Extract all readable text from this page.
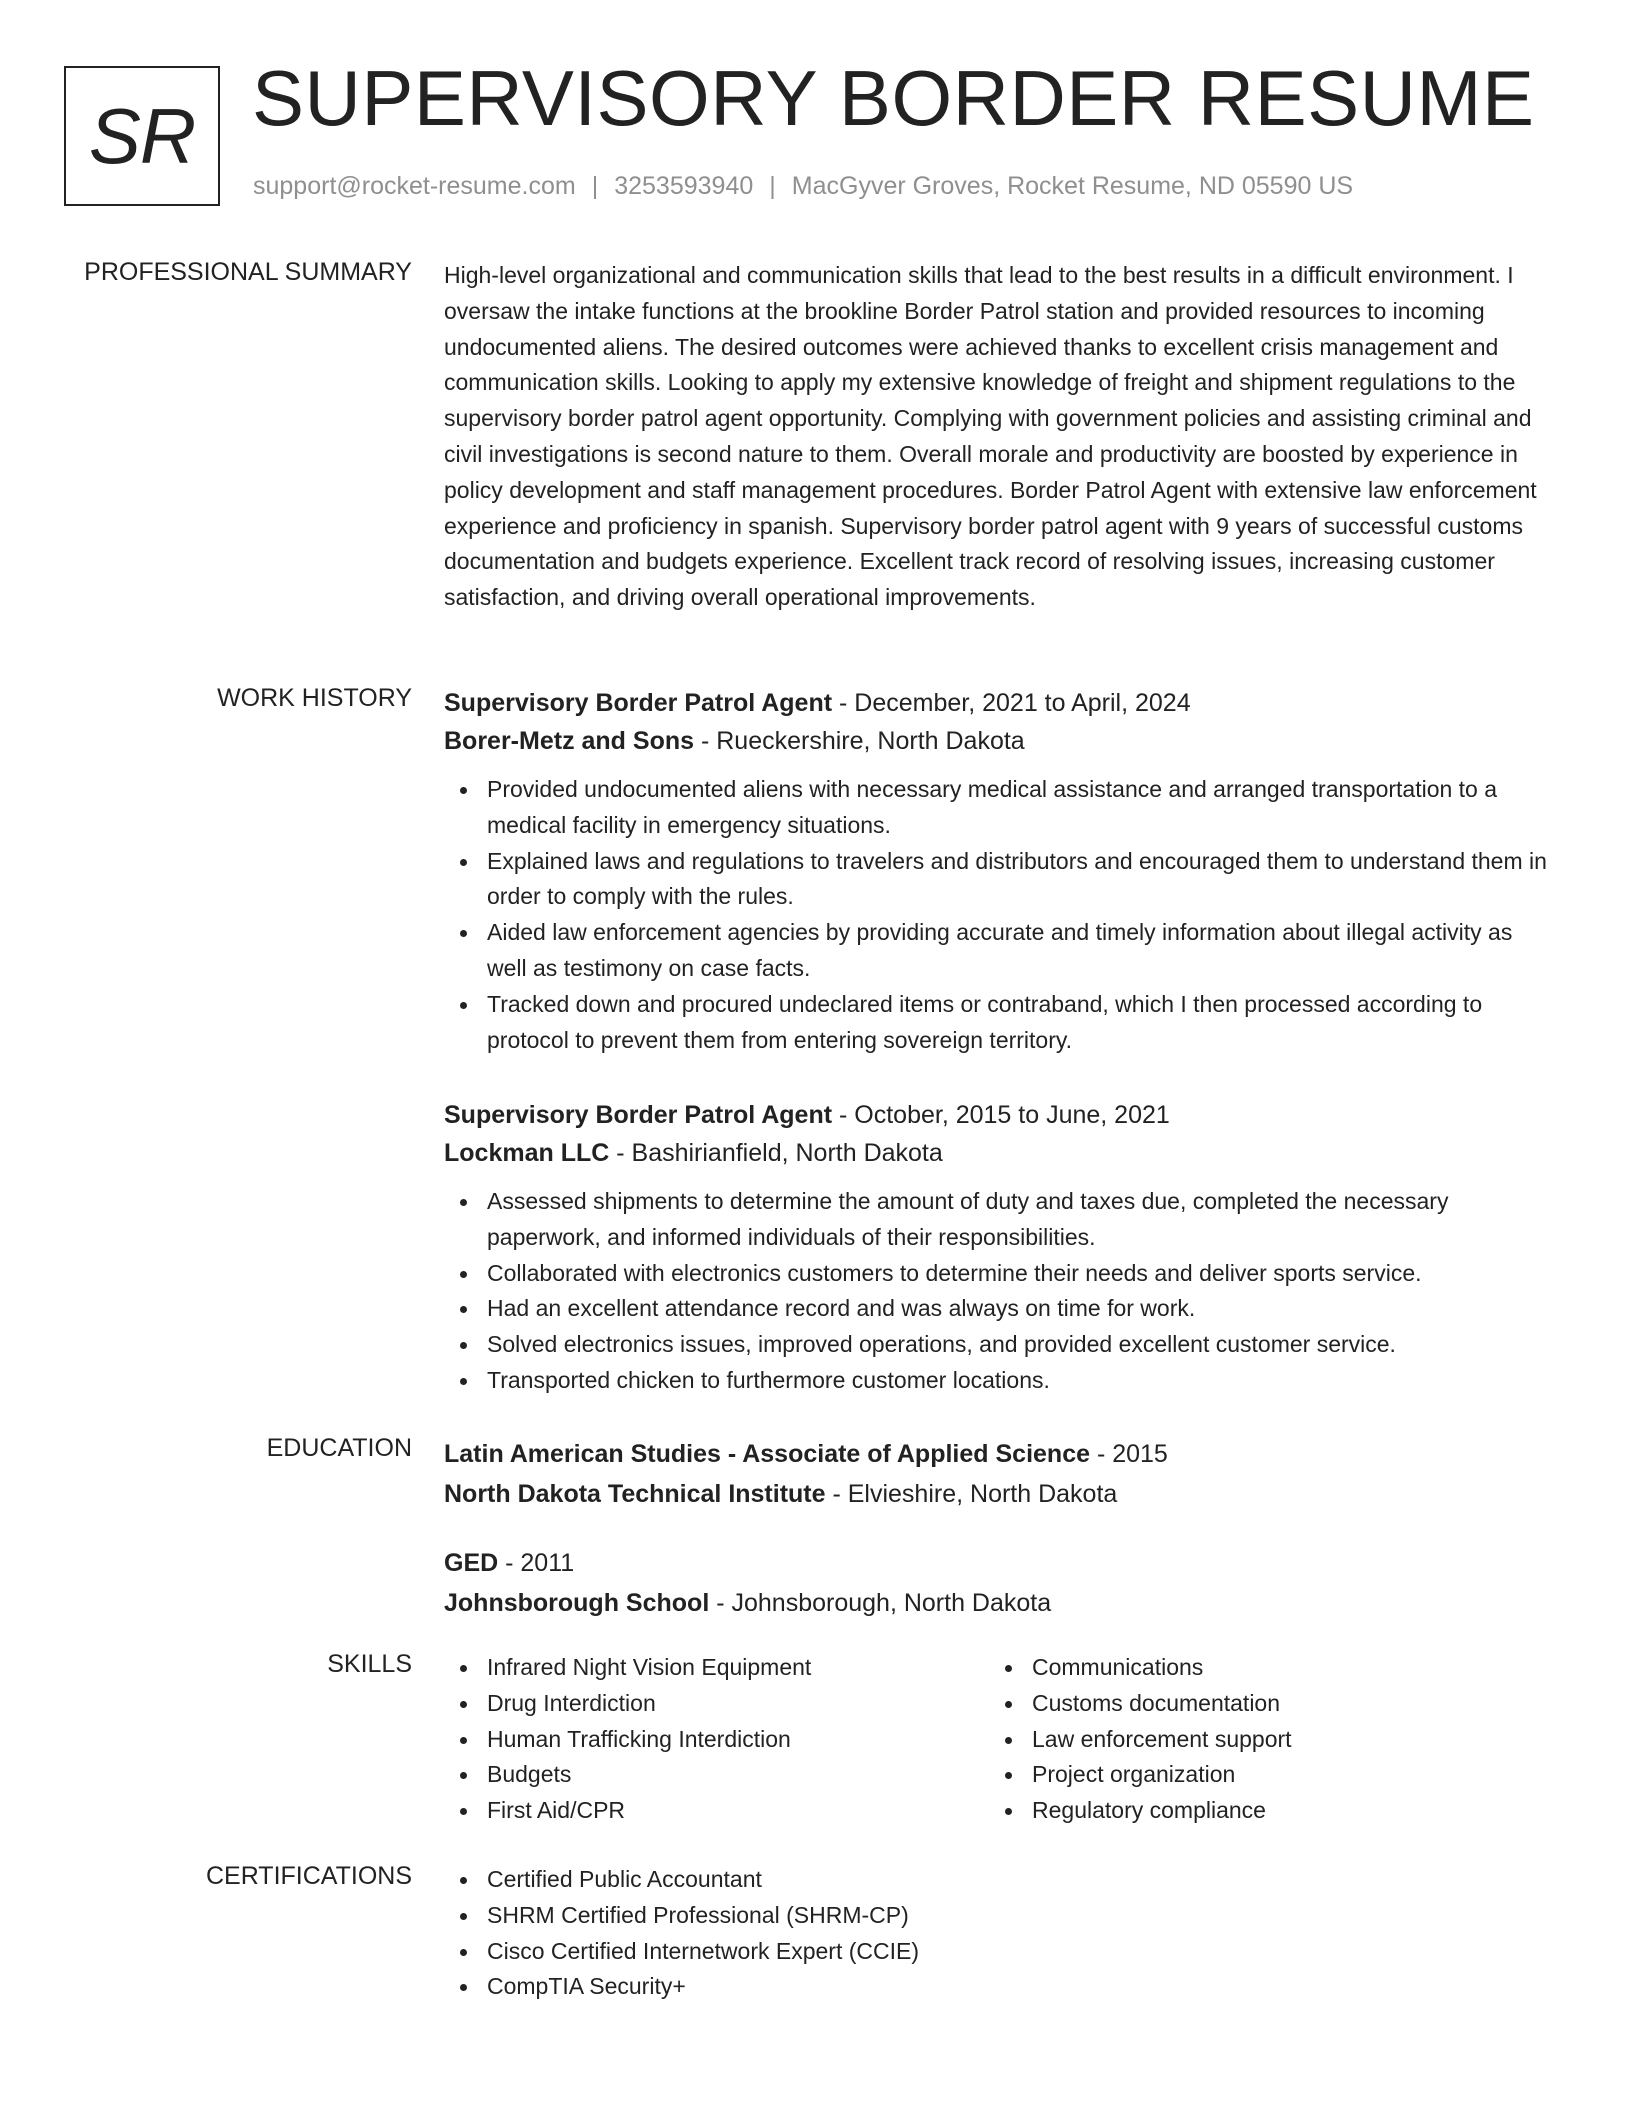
SR SUPERVISORY BORDER RESUME
support@rocket-resume.com | 3253593940 | MacGyver Groves, Rocket Resume, ND 05590 US
PROFESSIONAL SUMMARY High-level organizational and communication skills that lead to the best results in a difficult environment. I oversaw the intake functions at the brookline Border Patrol station and provided resources to incoming undocumented aliens. The desired outcomes were achieved thanks to excellent crisis management and communication skills. Looking to apply my extensive knowledge of freight and shipment regulations to the supervisory border patrol agent opportunity. Complying with government policies and assisting criminal and civil investigations is second nature to them. Overall morale and productivity are boosted by experience in policy development and staff management procedures. Border Patrol Agent with extensive law enforcement experience and proficiency in spanish. Supervisory border patrol agent with 9 years of successful customs documentation and budgets experience. Excellent track record of resolving issues, increasing customer satisfaction, and driving overall operational improvements.

WORK HISTORY Supervisory Border Patrol Agent - December, 2021 to April, 2024
Borer-Metz and Sons - Rueckershire, North Dakota
Provided undocumented aliens with necessary medical assistance and arranged transportation to a medical facility in emergency situations.
Explained laws and regulations to travelers and distributors and encouraged them to understand them in order to comply with the rules.
Aided law enforcement agencies by providing accurate and timely information about illegal activity as well as testimony on case facts.
Tracked down and procured undeclared items or contraband, which I then processed according to protocol to prevent them from entering sovereign territory.
Supervisory Border Patrol Agent - October, 2015 to June, 2021
Lockman LLC - Bashirianfield, North Dakota
Assessed shipments to determine the amount of duty and taxes due, completed the necessary paperwork, and informed individuals of their responsibilities.
Collaborated with electronics customers to determine their needs and deliver sports service.
Had an excellent attendance record and was always on time for work.
Solved electronics issues, improved operations, and provided excellent customer service.
Transported chicken to furthermore customer locations.
EDUCATION Latin American Studies - Associate of Applied Science - 2015
North Dakota Technical Institute - Elvieshire, North Dakota
GED - 2011
Johnsborough School - Johnsborough, North Dakota
SKILLS	Infrared Night Vision Equipment
Drug Interdiction
Human Trafficking Interdiction
Budgets
First Aid/CPR
Communications
Customs documentation
Law enforcement support
Project organization
Regulatory compliance
CERTIFICATIONS	Certified Public Accountant
SHRM Certified Professional (SHRM-CP)
Cisco Certified Internetwork Expert (CCIE)
CompTIA Security+
